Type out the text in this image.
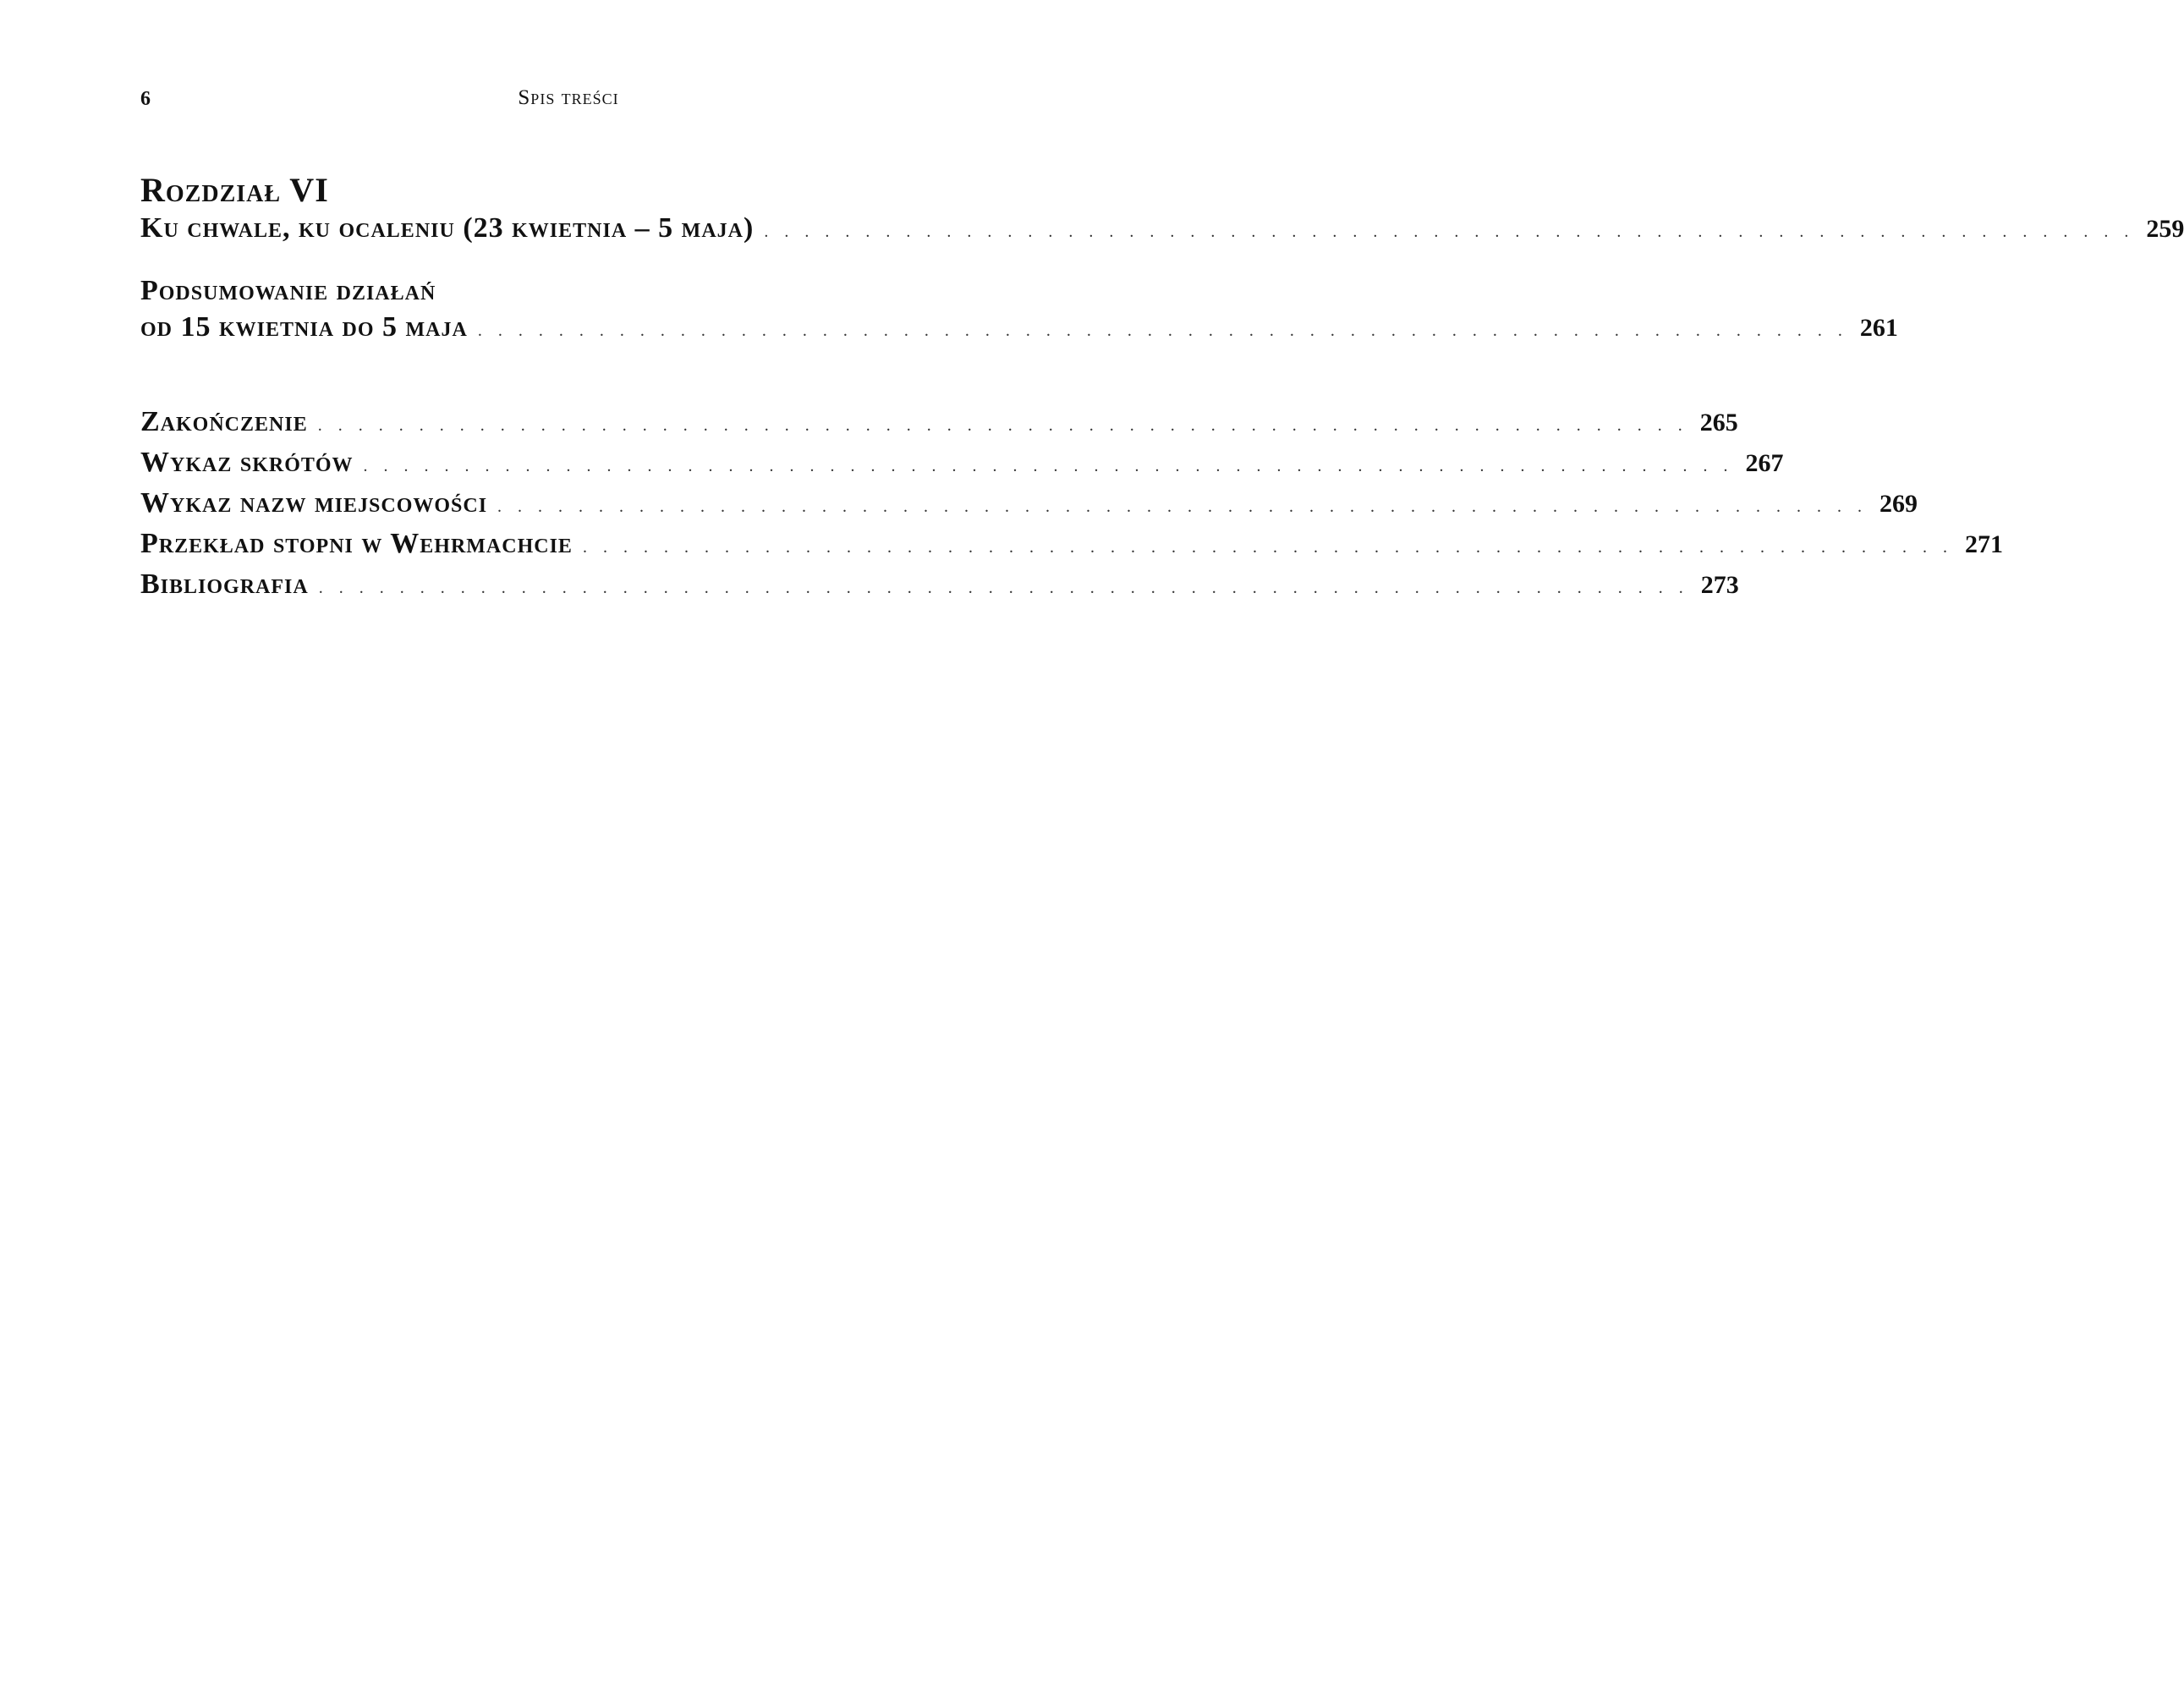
6	Spis treści
Rozdział VI
Ku chwale, ku ocaleniu (23 kwietnia – 5 maja) . . . . . . . . . . . . . . . . . . . . . . . . . . . . . . . . . . . . . . . . . . . . . . . . . . . . . . . . . . . . . . . . . . . . 259
Podsumowanie działań
od 15 kwietnia do 5 maja . . . . . . . . . . . . . . . . . . . . . . . . . . . . . . . . . . . . . . . . . . . . . . . . . . . . . . . . . . . . . . . . . . . . 261
Zakończenie . . . . . . . . . . . . . . . . . . . . . . . . . . . . . . . . . . . . . . . . . . . . . . . . . . . . . . . . . . . . . . . . . . . . 265
Wykaz skrótów . . . . . . . . . . . . . . . . . . . . . . . . . . . . . . . . . . . . . . . . . . . . . . . . . . . . . . . . . . . . . . . . . . . . 267
Wykaz nazw miejscowości . . . . . . . . . . . . . . . . . . . . . . . . . . . . . . . . . . . . . . . . . . . . . . . . . . . . . . . . . . . . . . . . . . . . 269
Przekład stopni w Wehrmachcie . . . . . . . . . . . . . . . . . . . . . . . . . . . . . . . . . . . . . . . . . . . . . . . . . . . . . . . . . . . . . . . . . . . . 271
Bibliografia . . . . . . . . . . . . . . . . . . . . . . . . . . . . . . . . . . . . . . . . . . . . . . . . . . . . . . . . . . . . . . . . . . . . 273
